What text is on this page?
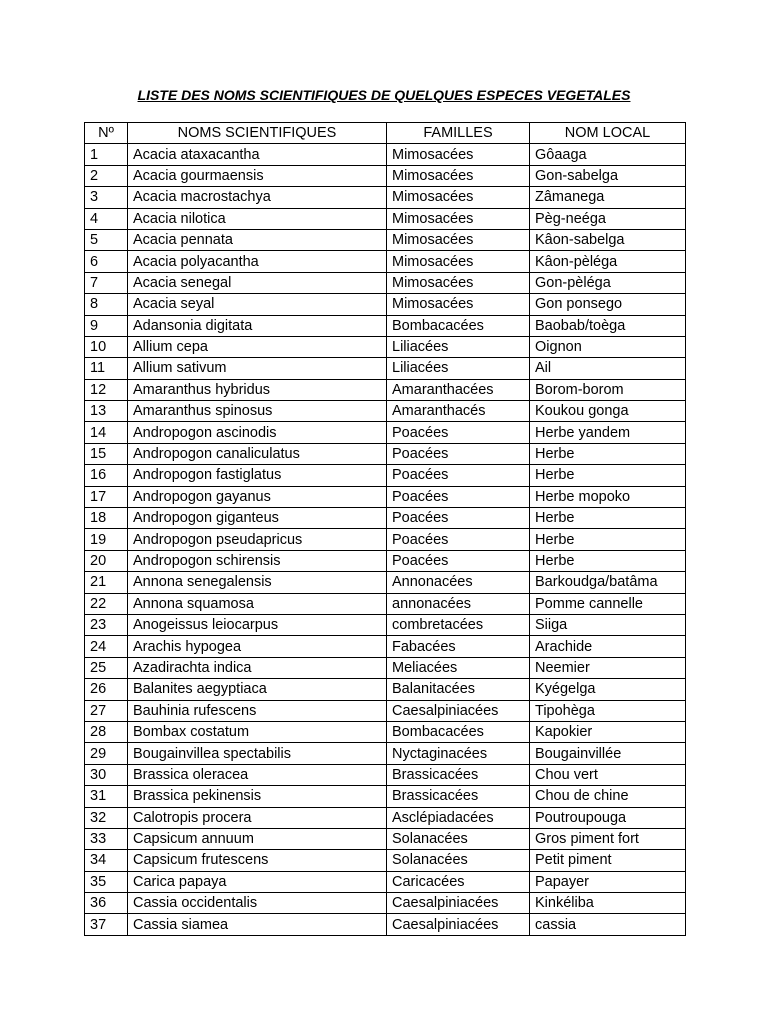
LISTE DES NOMS SCIENTIFIQUES DE QUELQUES ESPECES VEGETALES
Nº	NOMS SCIENTIFIQUES	FAMILLES	NOM LOCAL
1	Acacia ataxacantha	Mimosacées	Gôaaga
2	Acacia gourmaensis	Mimosacées	Gon-sabelga
3	Acacia macrostachya	Mimosacées	Zâmanega
4	Acacia nilotica	Mimosacées	Pèg-neéga
5	Acacia pennata	Mimosacées	Kâon-sabelga
6	Acacia polyacantha	Mimosacées	Kâon-pèléga
7	Acacia senegal	Mimosacées	Gon-pèléga
8	Acacia seyal	Mimosacées	Gon ponsego
9	Adansonia digitata	Bombacacées	Baobab/toèga
10	Allium cepa	Liliacées	Oignon
11	Allium sativum	Liliacées	Ail
12	Amaranthus hybridus	Amaranthacées	Borom-borom
13	Amaranthus spinosus	Amaranthacés	Koukou gonga
14	Andropogon ascinodis	Poacées	Herbe yandem
15	Andropogon canaliculatus	Poacées	Herbe
16	Andropogon fastiglatus	Poacées	Herbe
17	Andropogon gayanus	Poacées	Herbe mopoko
18	Andropogon giganteus	Poacées	Herbe
19	Andropogon pseudapricus	Poacées	Herbe
20	Andropogon schirensis	Poacées	Herbe
21	Annona senegalensis	Annonacées	Barkoudga/batâma
22	Annona squamosa	annonacées	Pomme cannelle
23	Anogeissus leiocarpus	combretacées	Siiga
24	Arachis hypogea	Fabacées	Arachide
25	Azadirachta indica	Meliacées	Neemier
26	Balanites aegyptiaca	Balanitacées	Kyégelga
27	Bauhinia rufescens	Caesalpiniacées	Tipohèga
28	Bombax costatum	Bombacacées	Kapokier
29	Bougainvillea spectabilis	Nyctaginacées	Bougainvillée
30	Brassica oleracea	Brassicacées	Chou vert
31	Brassica pekinensis	Brassicacées	Chou de chine
32	Calotropis procera	Asclépiadacées	Poutroupouga
33	Capsicum annuum	Solanacées	Gros piment fort
34	Capsicum frutescens	Solanacées	Petit piment
35	Carica papaya	Caricacées	Papayer
36	Cassia occidentalis	Caesalpiniacées	Kinkéliba
37	Cassia siamea	Caesalpiniacées	cassia
